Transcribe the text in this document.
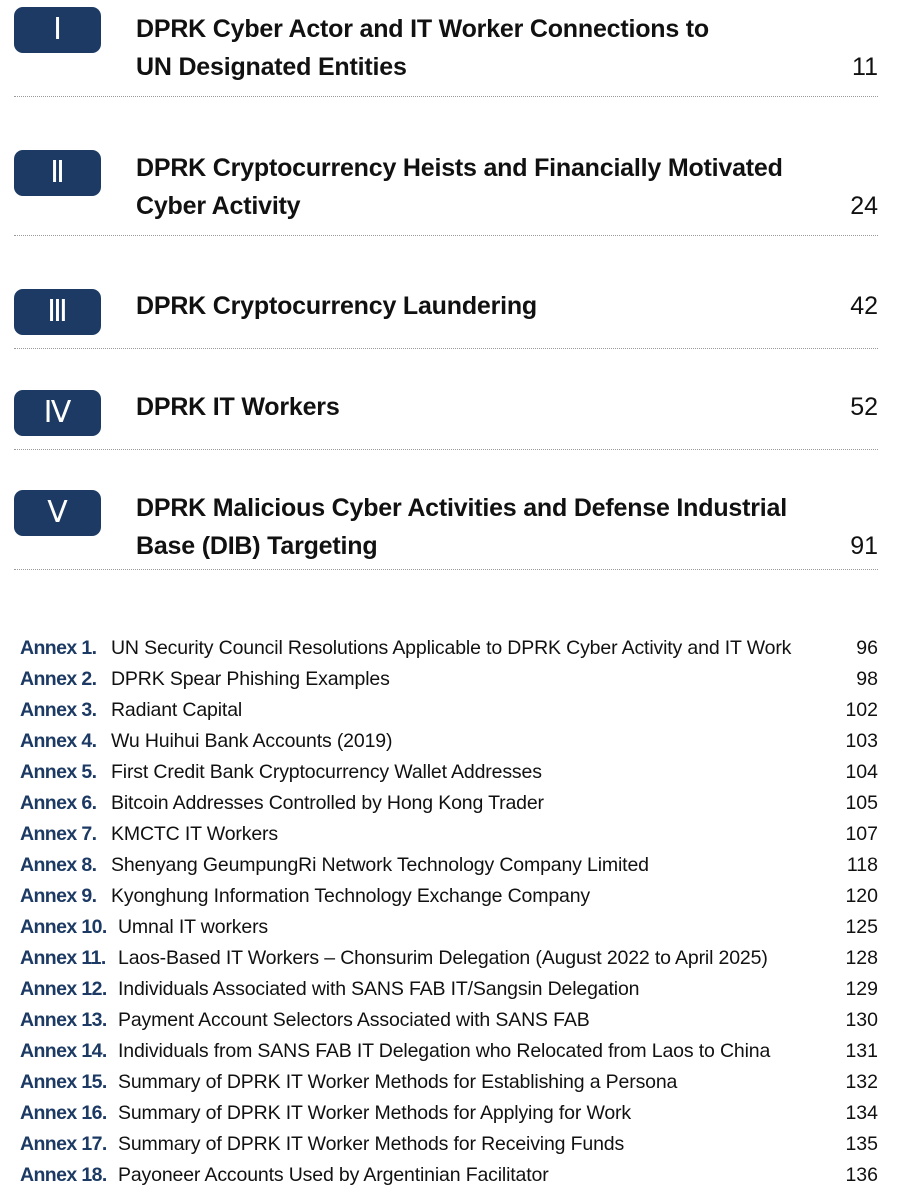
Ⅰ	DPRK Cyber Actor and IT Worker Connections to
UN Designated Entities	11
Ⅱ	DPRK Cryptocurrency Heists and Financially Motivated
Cyber Activity	24
Ⅲ	DPRK Cryptocurrency Laundering	42
Ⅳ	DPRK IT Workers	52
Ⅴ	DPRK Malicious Cyber Activities and Defense Industrial
Base (DIB) Targeting	91
Annex 1. UN Security Council Resolutions Applicable to DPRK Cyber Activity and IT Work	96
Annex 2. DPRK Spear Phishing Examples	98
Annex 3. Radiant Capital	102
Annex 4. Wu Huihui Bank Accounts (2019)	103
Annex 5. First Credit Bank Cryptocurrency Wallet Addresses	104
Annex 6. Bitcoin Addresses Controlled by Hong Kong Trader	105
Annex 7. KMCTC IT Workers	107
Annex 8. Shenyang GeumpungRi Network Technology Company Limited	118
Annex 9. Kyonghung Information Technology Exchange Company	120
Annex 10. Umnal IT workers	125
Annex 11. Laos-Based IT Workers – Chonsurim Delegation (August 2022 to April 2025)	128
Annex 12. Individuals Associated with SANS FAB IT/Sangsin Delegation	129
Annex 13. Payment Account Selectors Associated with SANS FAB	130
Annex 14. Individuals from SANS FAB IT Delegation who Relocated from Laos to China	131
Annex 15. Summary of DPRK IT Worker Methods for Establishing a Persona	132
Annex 16. Summary of DPRK IT Worker Methods for Applying for Work	134
Annex 17. Summary of DPRK IT Worker Methods for Receiving Funds	135
Annex 18. Payoneer Accounts Used by Argentinian Facilitator	136
